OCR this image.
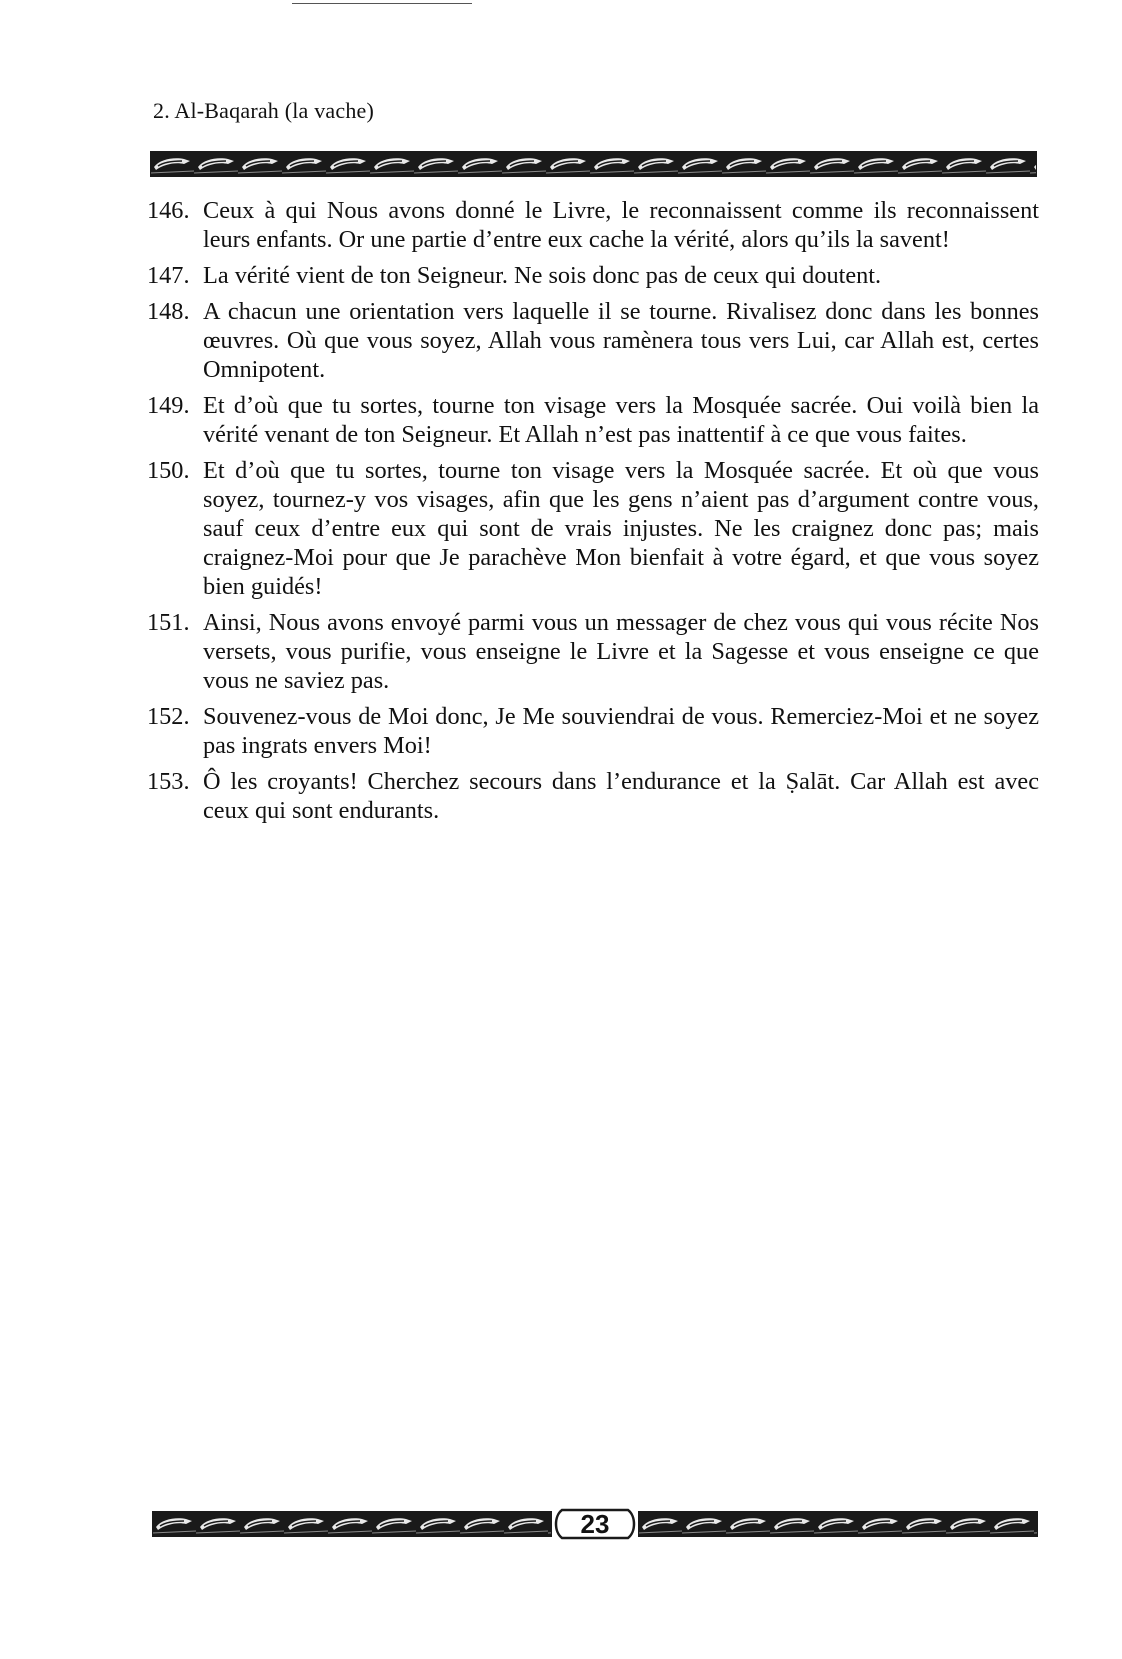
2. Al-Baqarah (la vache)
146. Ceux à qui Nous avons donné le Livre, le reconnaissent comme ils reconnaissent leurs enfants. Or une partie d’entre eux cache la vérité, alors qu’ils la savent!
147. La vérité vient de ton Seigneur. Ne sois donc pas de ceux qui doutent.
148. A chacun une orientation vers laquelle il se tourne. Rivalisez donc dans les bonnes œuvres. Où que vous soyez, Allah vous ramènera tous vers Lui, car Allah est, certes Omnipotent.
149. Et d’où que tu sortes, tourne ton visage vers la Mosquée sacrée. Oui voilà bien la vérité venant de ton Seigneur. Et Allah n’est pas inattentif à ce que vous faites.
150. Et d’où que tu sortes, tourne ton visage vers la Mosquée sacrée. Et où que vous soyez, tournez-y vos visages, afin que les gens n’aient pas d’argument contre vous, sauf ceux d’entre eux qui sont de vrais injustes. Ne les craignez donc pas; mais craignez-Moi pour que Je parachève Mon bienfait à votre égard, et que vous soyez bien guidés!
151. Ainsi, Nous avons envoyé parmi vous un messager de chez vous qui vous récite Nos versets, vous purifie, vous enseigne le Livre et la Sagesse et vous enseigne ce que vous ne saviez pas.
152. Souvenez-vous de Moi donc, Je Me souviendrai de vous. Remerciez-Moi et ne soyez pas ingrats envers Moi!
153. Ô les croyants! Cherchez secours dans l’endurance et la Ṣalāt. Car Allah est avec ceux qui sont endurants.
23
